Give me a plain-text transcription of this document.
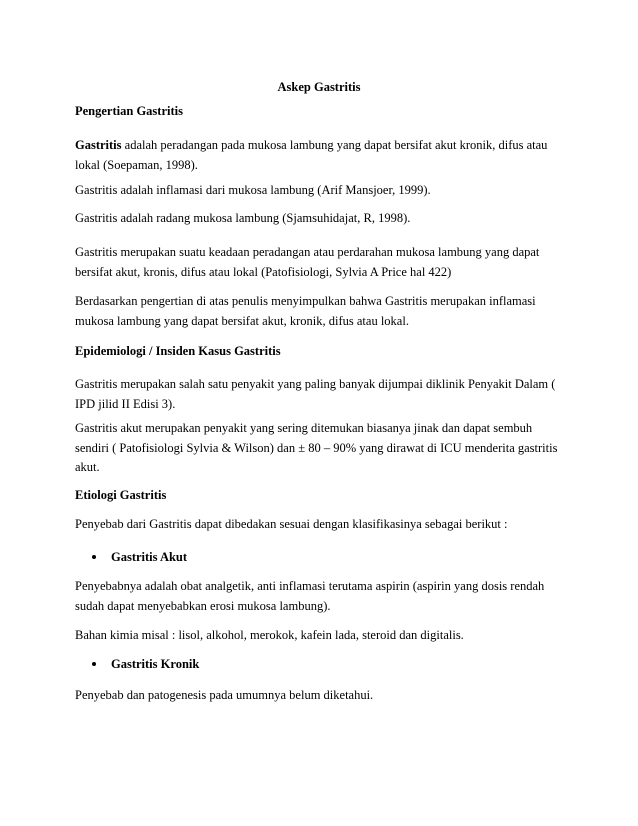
Askep Gastritis

Pengertian Gastritis

Gastritis adalah peradangan pada mukosa lambung yang dapat bersifat akut kronik, difus atau lokal (Soepaman, 1998).

Gastritis adalah inflamasi dari mukosa lambung (Arif Mansjoer, 1999).

Gastritis adalah radang mukosa lambung (Sjamsuhidajat, R, 1998).

Gastritis merupakan suatu keadaan peradangan atau perdarahan mukosa lambung yang dapat bersifat akut, kronis, difus atau lokal (Patofisiologi, Sylvia A Price hal 422)

Berdasarkan pengertian di atas penulis menyimpulkan bahwa Gastritis merupakan inflamasi mukosa lambung yang dapat bersifat akut, kronik, difus atau lokal.

Epidemiologi / Insiden Kasus Gastritis

Gastritis merupakan salah satu penyakit yang paling banyak dijumpai diklinik Penyakit Dalam ( IPD jilid II Edisi 3).

Gastritis akut merupakan penyakit yang sering ditemukan biasanya jinak dan dapat sembuh sendiri ( Patofisiologi Sylvia & Wilson) dan ± 80 – 90% yang dirawat di ICU menderita gastritis akut.

Etiologi Gastritis

Penyebab dari Gastritis dapat dibedakan sesuai dengan klasifikasinya sebagai berikut :

Gastritis Akut

Penyebabnya adalah obat analgetik, anti inflamasi terutama aspirin (aspirin yang dosis rendah sudah dapat menyebabkan erosi mukosa lambung).

Bahan kimia misal : lisol, alkohol, merokok, kafein lada, steroid dan digitalis.

Gastritis Kronik

Penyebab dan patogenesis pada umumnya belum diketahui.
